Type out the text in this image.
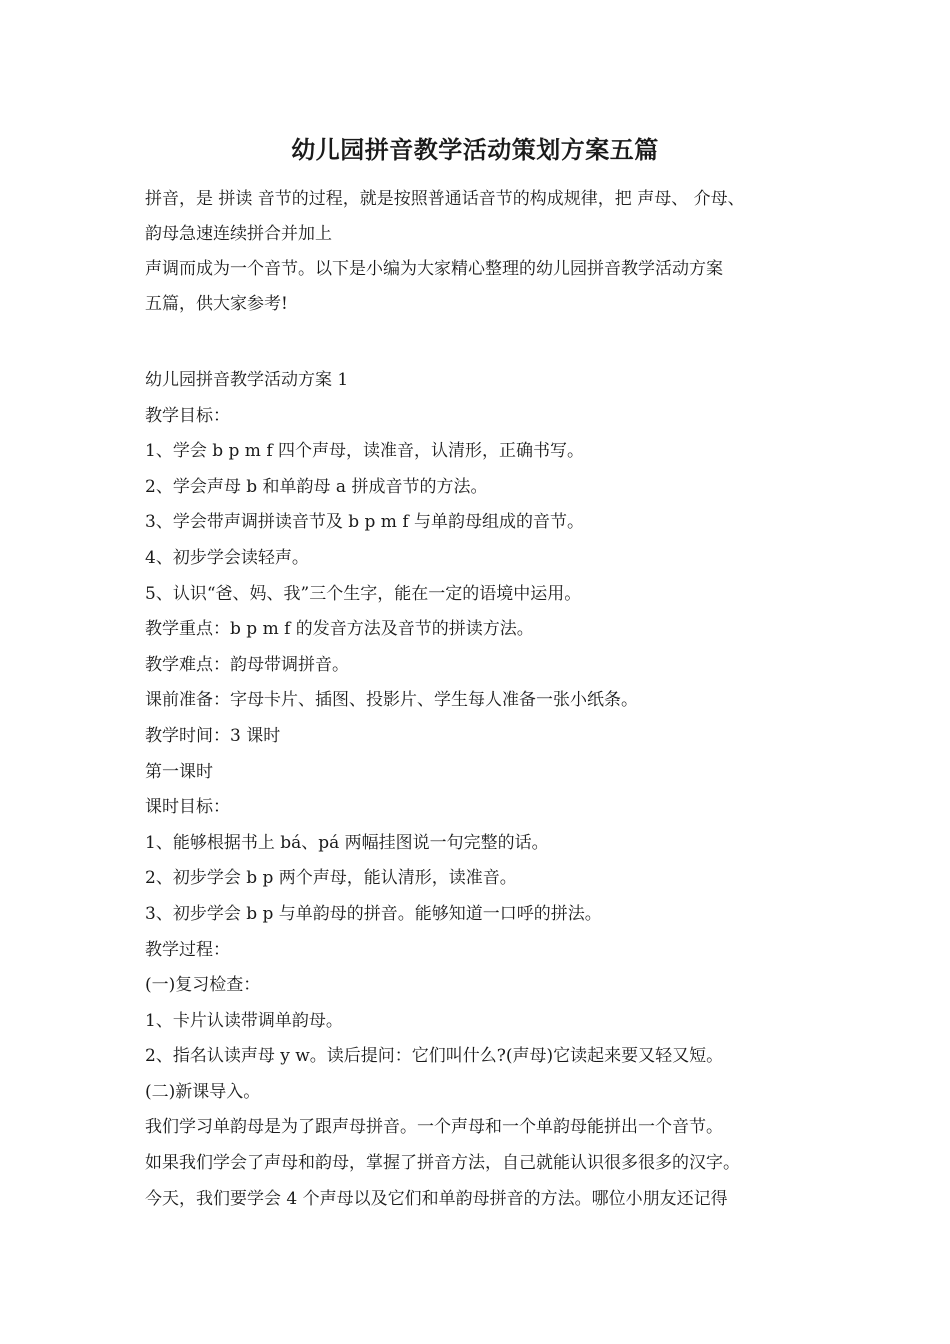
幼儿园拼音教学活动策划方案五篇

拼音，是 拼读 音节的过程，就是按照普通话音节的构成规律，把 声母、 介母、

韵母急速连续拼合并加上

声调而成为一个音节。以下是小编为大家精心整理的幼儿园拼音教学活动方案

五篇，供大家参考!

幼儿园拼音教学活动方案 1

教学目标：

1、学会 b p m f 四个声母，读准音，认清形，正确书写。

2、学会声母 b 和单韵母 a 拼成音节的方法。

3、学会带声调拼读音节及 b p m f 与单韵母组成的音节。

4、初步学会读轻声。

5、认识“爸、妈、我”三个生字，能在一定的语境中运用。

教学重点：b p m f 的发音方法及音节的拼读方法。

教学难点：韵母带调拼音。

课前准备：字母卡片、插图、投影片、学生每人准备一张小纸条。

教学时间：3 课时

第一课时

课时目标：

1、能够根据书上 bá、pá 两幅挂图说一句完整的话。

2、初步学会 b p 两个声母，能认清形，读准音。

3、初步学会 b p 与单韵母的拼音。能够知道一口呼的拼法。

教学过程：

(一)复习检查：

1、卡片认读带调单韵母。

2、指名认读声母 y w。读后提问：它们叫什么?(声母)它读起来要又轻又短。

(二)新课导入。

我们学习单韵母是为了跟声母拼音。一个声母和一个单韵母能拼出一个音节。

如果我们学会了声母和韵母，掌握了拼音方法，自己就能认识很多很多的汉字。

今天，我们要学会 4 个声母以及它们和单韵母拼音的方法。哪位小朋友还记得
